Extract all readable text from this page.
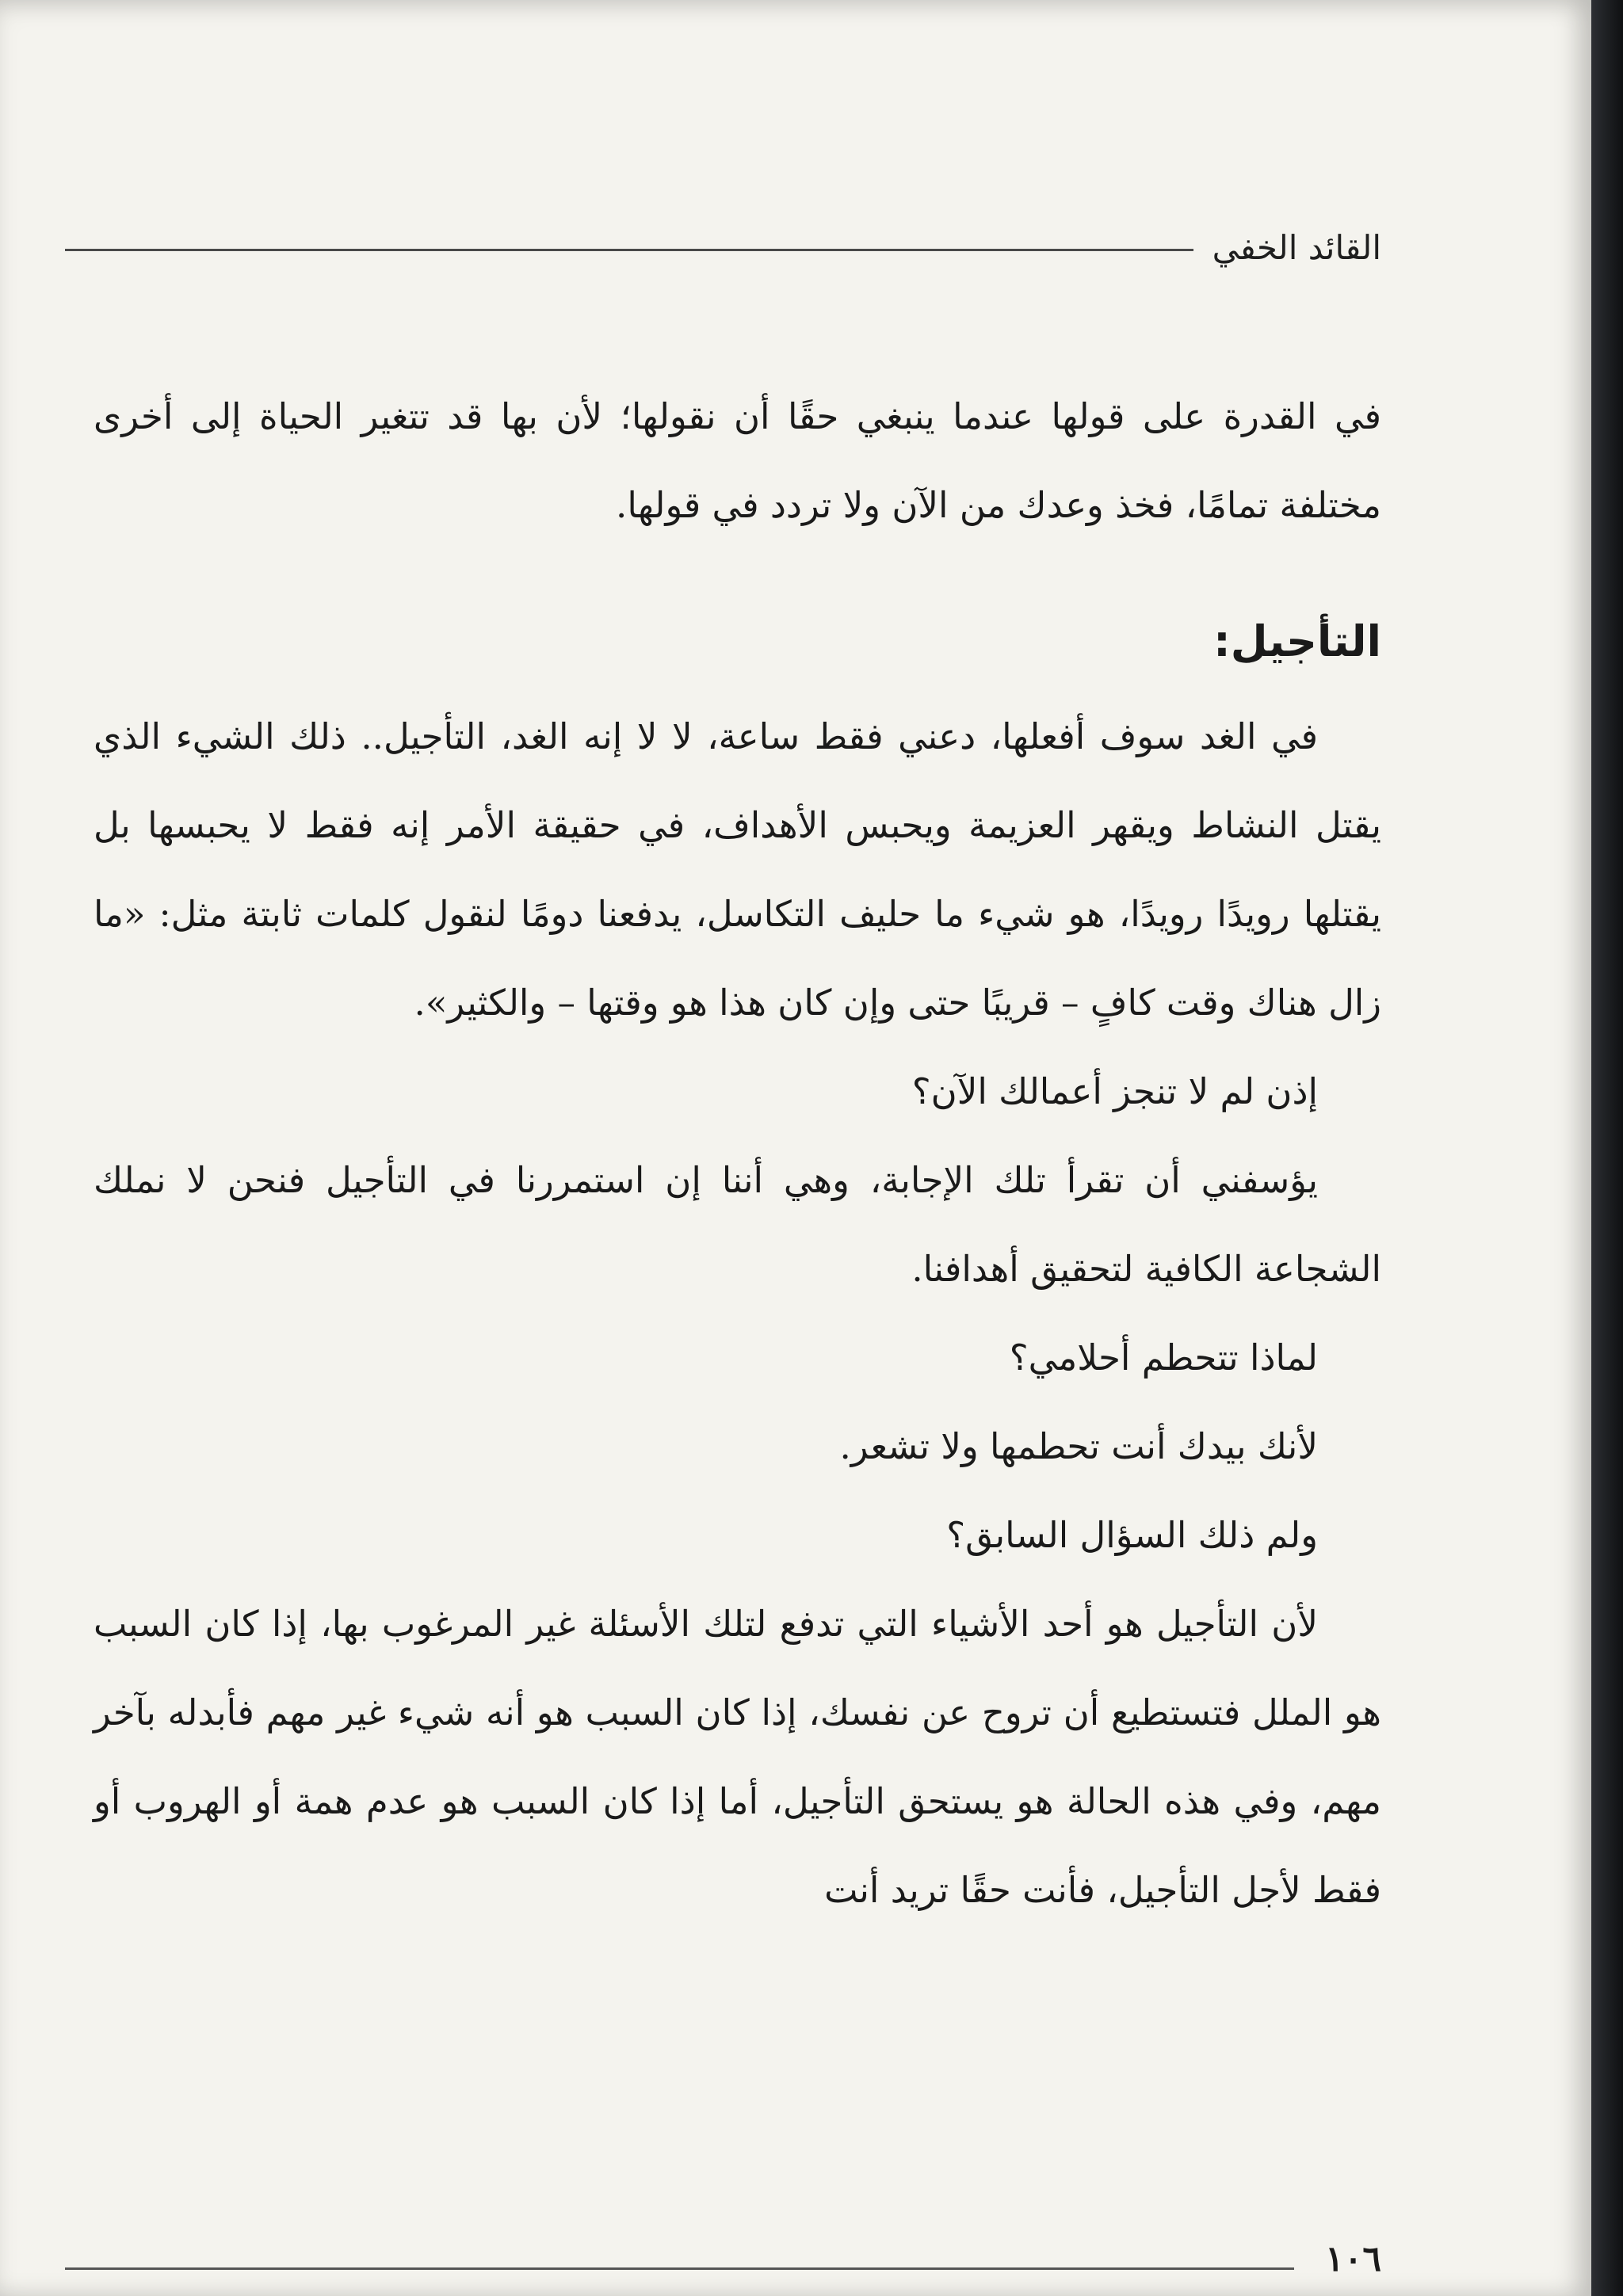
القائد الخفي

في القدرة على قولها عندما ينبغي حقًا أن نقولها؛ لأن بها قد تتغير الحياة إلى أخرى مختلفة تمامًا، فخذ وعدك من الآن ولا تردد في قولها.

التأجيل:

في الغد سوف أفعلها، دعني فقط ساعة، لا لا إنه الغد، التأجيل.. ذلك الشيء الذي يقتل النشاط ويقهر العزيمة ويحبس الأهداف، في حقيقة الأمر إنه فقط لا يحبسها بل يقتلها رويدًا رويدًا، هو شيء ما حليف التكاسل، يدفعنا دومًا لنقول كلمات ثابتة مثل: «ما زال هناك وقت كافٍ – قريبًا حتى وإن كان هذا هو وقتها – والكثير».

إذن لم لا تنجز أعمالك الآن؟

يؤسفني أن تقرأ تلك الإجابة، وهي أننا إن استمررنا في التأجيل فنحن لا نملك الشجاعة الكافية لتحقيق أهدافنا.

لماذا تتحطم أحلامي؟

لأنك بيدك أنت تحطمها ولا تشعر.

ولم ذلك السؤال السابق؟

لأن التأجيل هو أحد الأشياء التي تدفع لتلك الأسئلة غير المرغوب بها، إذا كان السبب هو الملل فتستطيع أن تروح عن نفسك، إذا كان السبب هو أنه شيء غير مهم فأبدله بآخر مهم، وفي هذه الحالة هو يستحق التأجيل، أما إذا كان السبب هو عدم همة أو الهروب أو فقط لأجل التأجيل، فأنت حقًا تريد أنت

١٠٦
